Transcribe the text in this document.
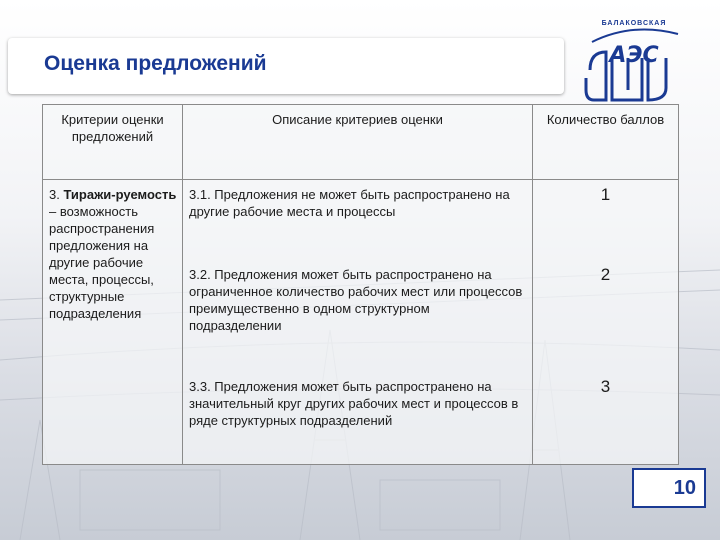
Оценка предложений	АЭС
БАЛАКОВСКАЯ
Критерии оценки предложений	Описание критериев оценки	Количество баллов
3. Тиражи-руемость – возможность распространения предложения на другие рабочие места, процессы, структурные подразделения	3.1. Предложения не может быть распространено на другие рабочие места и процессы	1
	3.2. Предложения может быть распространено на ограниченное количество рабочих мест или процессов преимущественно в одном структурном подразделении	2
	3.3. Предложения может быть распространено на значительный круг других рабочих мест и процессов в ряде структурных подразделений	3
10
